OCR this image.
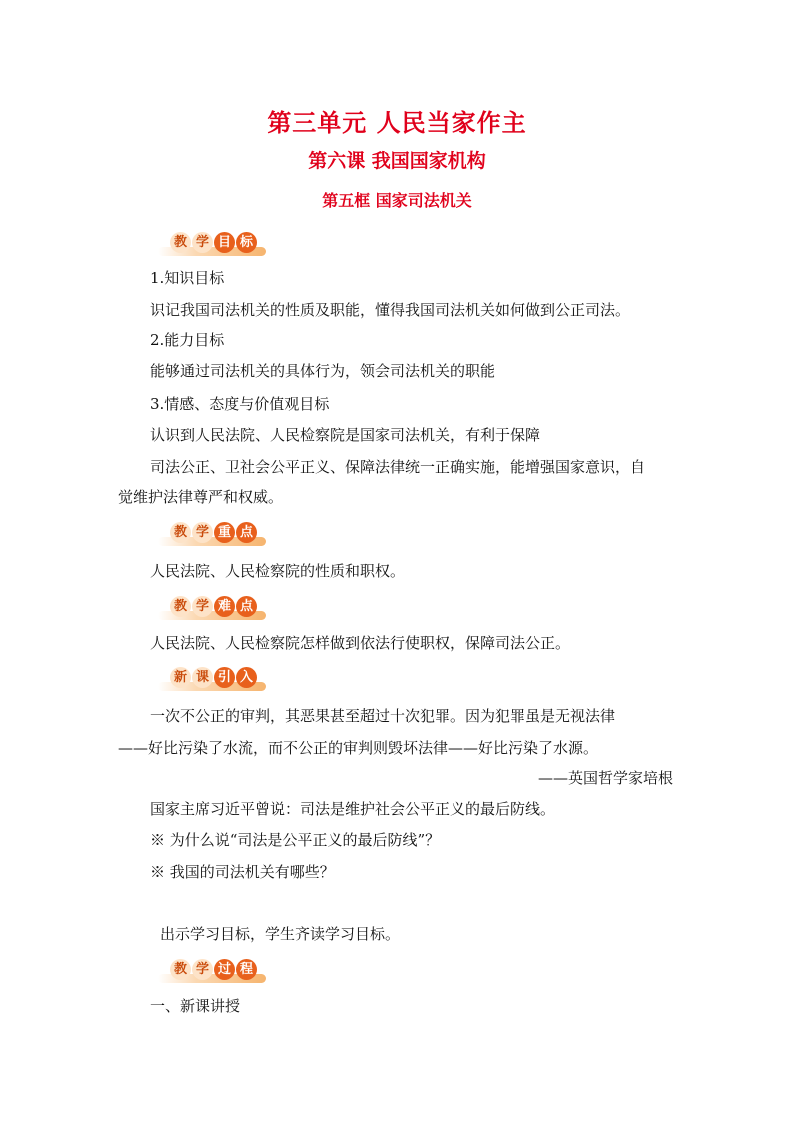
第三单元 人民当家作主
第六课 我国国家机构
第五框 国家司法机关
教 学 目 标
1.知识目标
识记我国司法机关的性质及职能，懂得我国司法机关如何做到公正司法。
2.能力目标
能够通过司法机关的具体行为，领会司法机关的职能
3.情感、态度与价值观目标
认识到人民法院、人民检察院是国家司法机关，有利于保障
司法公正、卫社会公平正义、保障法律统一正确实施，能增强国家意识，自
觉维护法律尊严和权威。
教 学 重 点
人民法院、人民检察院的性质和职权。
教 学 难 点
人民法院、人民检察院怎样做到依法行使职权，保障司法公正。
新 课 引 入
一次不公正的审判，其恶果甚至超过十次犯罪。因为犯罪虽是无视法律
——好比污染了水流，而不公正的审判则毁坏法律——好比污染了水源。
——英国哲学家培根
国家主席习近平曾说：司法是维护社会公平正义的最后防线。
※ 为什么说“司法是公平正义的最后防线”？
※ 我国的司法机关有哪些？
出示学习目标，学生齐读学习目标。
教 学 过 程
一、新课讲授
